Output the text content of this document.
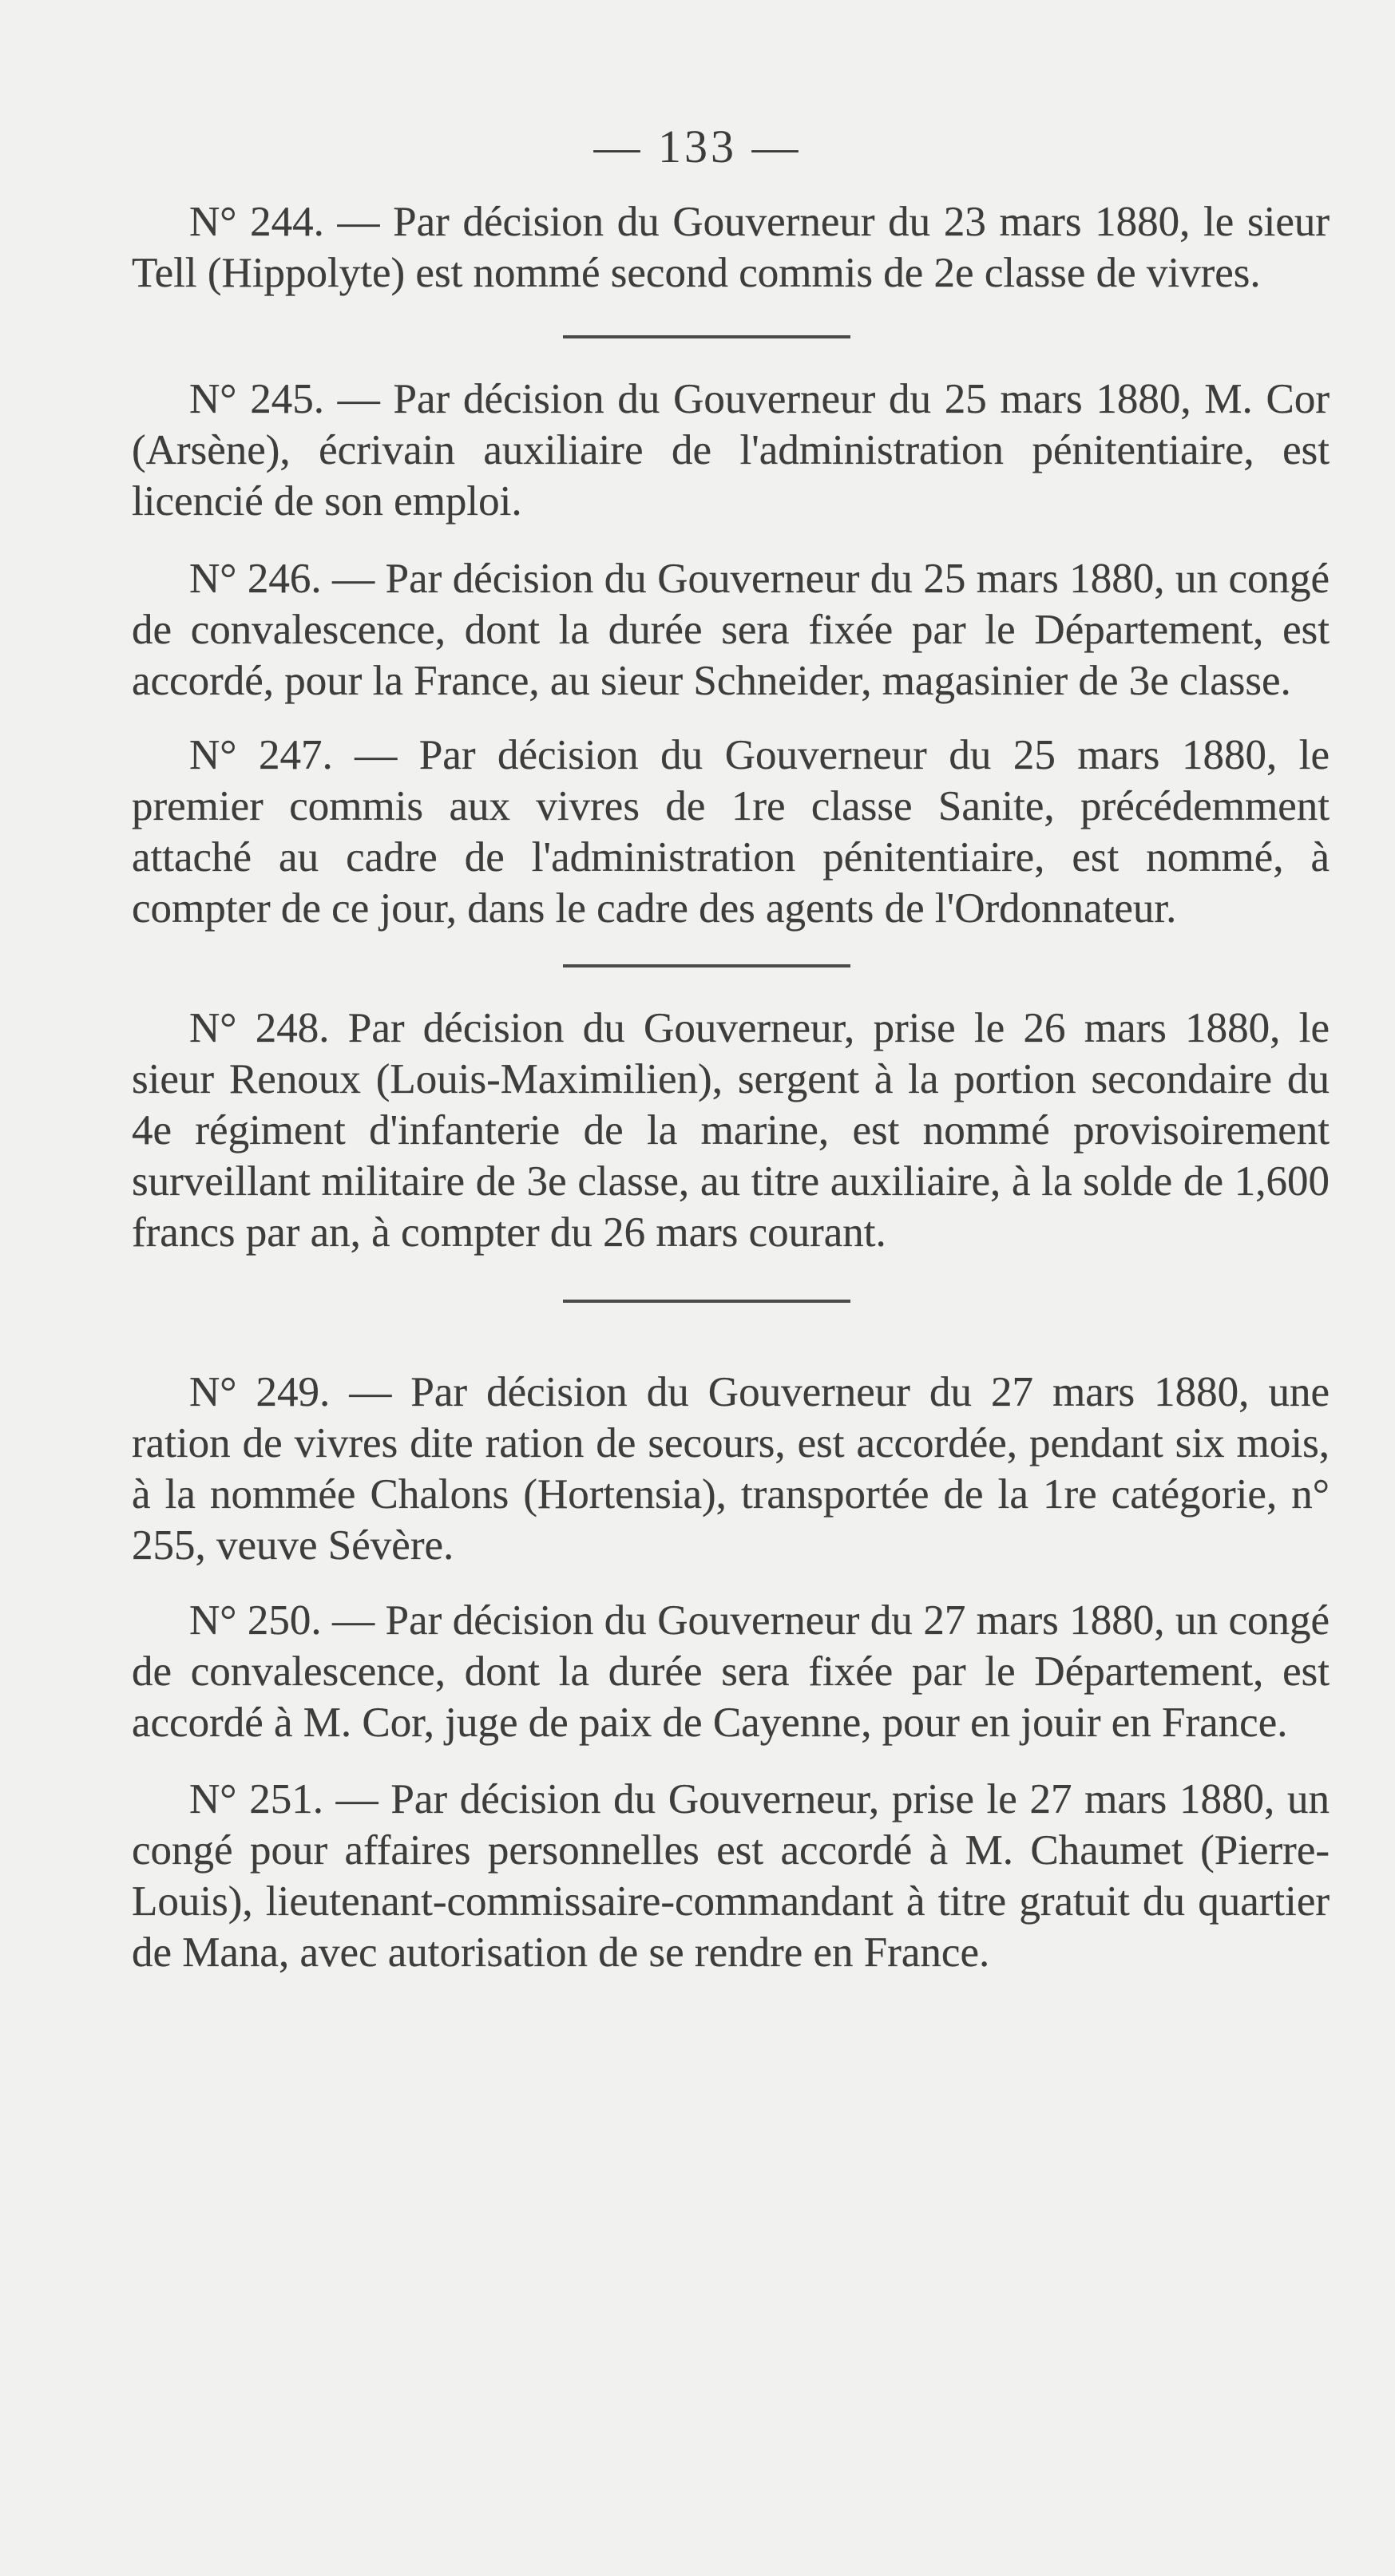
— 133 —

N° 244. — Par décision du Gouverneur du 23 mars 1880, le sieur Tell (Hippolyte) est nommé second commis de 2e classe de vivres.

N° 245. — Par décision du Gouverneur du 25 mars 1880, M. Cor (Arsène), écrivain auxiliaire de l'administration pénitentiaire, est licencié de son emploi.

N° 246. — Par décision du Gouverneur du 25 mars 1880, un congé de convalescence, dont la durée sera fixée par le Département, est accordé, pour la France, au sieur Schneider, magasinier de 3e classe.

N° 247. — Par décision du Gouverneur du 25 mars 1880, le premier commis aux vivres de 1re classe Sanite, précédemment attaché au cadre de l'administration pénitentiaire, est nommé, à compter de ce jour, dans le cadre des agents de l'Ordonnateur.

N° 248. Par décision du Gouverneur, prise le 26 mars 1880, le sieur Renoux (Louis-Maximilien), sergent à la portion secondaire du 4e régiment d'infanterie de la marine, est nommé provisoirement surveillant militaire de 3e classe, au titre auxiliaire, à la solde de 1,600 francs par an, à compter du 26 mars courant.

N° 249. — Par décision du Gouverneur du 27 mars 1880, une ration de vivres dite ration de secours, est accordée, pendant six mois, à la nommée Chalons (Hortensia), transportée de la 1re catégorie, n° 255, veuve Sévère.

N° 250. — Par décision du Gouverneur du 27 mars 1880, un congé de convalescence, dont la durée sera fixée par le Département, est accordé à M. Cor, juge de paix de Cayenne, pour en jouir en France.

N° 251. — Par décision du Gouverneur, prise le 27 mars 1880, un congé pour affaires personnelles est accordé à M. Chaumet (Pierre-Louis), lieutenant-commissaire-commandant à titre gratuit du quartier de Mana, avec autorisation de se rendre en France.
